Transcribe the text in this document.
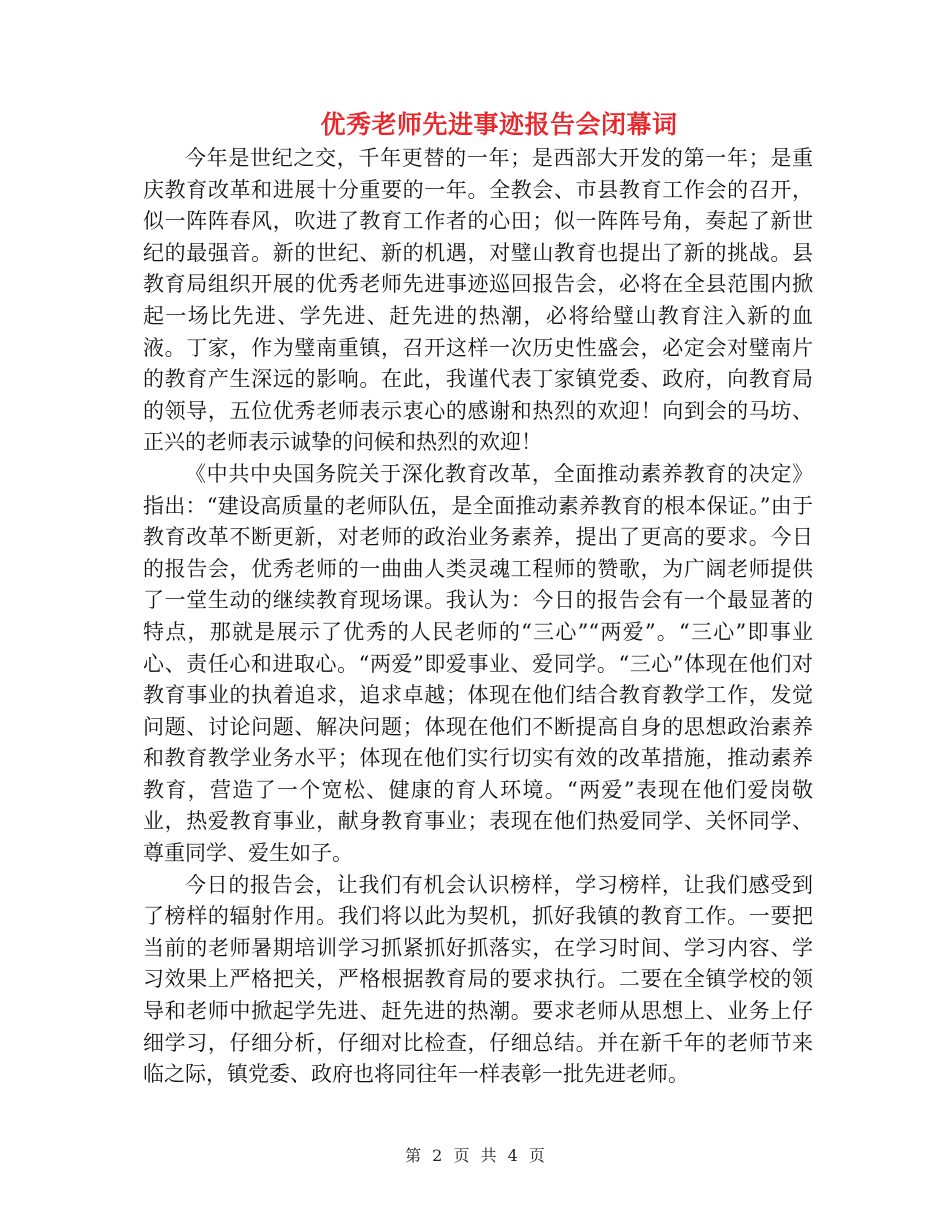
优秀老师先进事迹报告会闭幕词

今年是世纪之交，千年更替的一年；是西部大开发的第一年；是重庆教育改革和进展十分重要的一年。全教会、市县教育工作会的召开，似一阵阵春风，吹进了教育工作者的心田；似一阵阵号角，奏起了新世纪的最强音。新的世纪、新的机遇，对璧山教育也提出了新的挑战。县教育局组织开展的优秀老师先进事迹巡回报告会，必将在全县范围内掀起一场比先进、学先进、赶先进的热潮，必将给璧山教育注入新的血液。丁家，作为璧南重镇，召开这样一次历史性盛会，必定会对璧南片的教育产生深远的影响。在此，我谨代表丁家镇党委、政府，向教育局的领导，五位优秀老师表示衷心的感谢和热烈的欢迎！向到会的马坊、正兴的老师表示诚挚的问候和热烈的欢迎！

《中共中央国务院关于深化教育改革，全面推动素养教育的决定》指出：“建设高质量的老师队伍，是全面推动素养教育的根本保证。”由于教育改革不断更新，对老师的政治业务素养，提出了更高的要求。今日的报告会，优秀老师的一曲曲人类灵魂工程师的赞歌，为广阔老师提供了一堂生动的继续教育现场课。我认为：今日的报告会有一个最显著的特点，那就是展示了优秀的人民老师的“三心”“两爱”。“三心”即事业心、责任心和进取心。“两爱”即爱事业、爱同学。“三心”体现在他们对教育事业的执着追求，追求卓越；体现在他们结合教育教学工作，发觉问题、讨论问题、解决问题；体现在他们不断提高自身的思想政治素养和教育教学业务水平；体现在他们实行切实有效的改革措施，推动素养教育，营造了一个宽松、健康的育人环境。“两爱”表现在他们爱岗敬业，热爱教育事业，献身教育事业；表现在他们热爱同学、关怀同学、尊重同学、爱生如子。

今日的报告会，让我们有机会认识榜样，学习榜样，让我们感受到了榜样的辐射作用。我们将以此为契机，抓好我镇的教育工作。一要把当前的老师暑期培训学习抓紧抓好抓落实，在学习时间、学习内容、学习效果上严格把关，严格根据教育局的要求执行。二要在全镇学校的领导和老师中掀起学先进、赶先进的热潮。要求老师从思想上、业务上仔细学习，仔细分析，仔细对比检查，仔细总结。并在新千年的老师节来临之际，镇党委、政府也将同往年一样表彰一批先进老师。

第 2 页 共 4 页
